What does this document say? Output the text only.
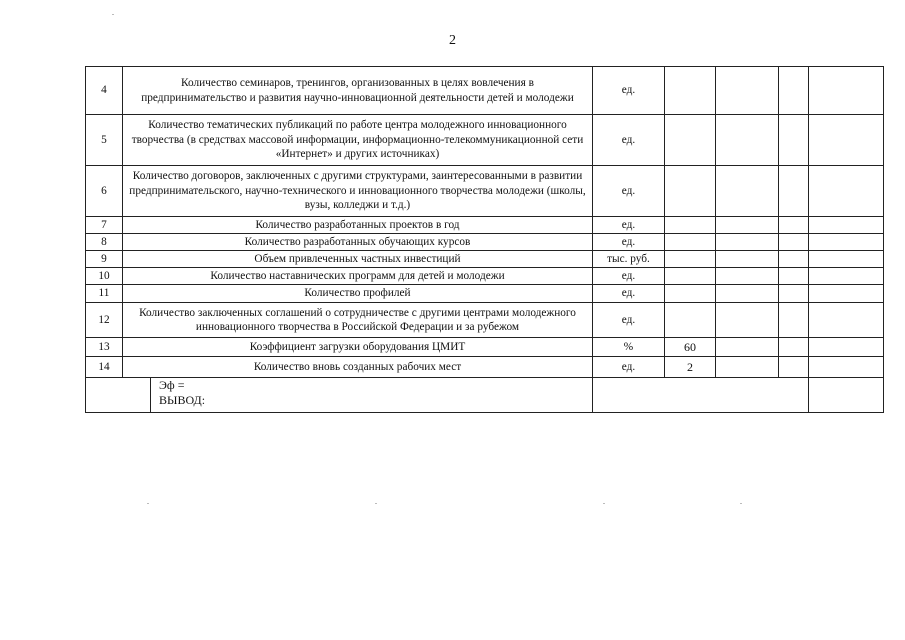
2
4	Количество семинаров, тренингов, организованных в целях вовлечения в предпринимательство и развития научно-инновационной деятельности детей и молодежи	ед.				
5	Количество тематических публикаций по работе центра молодежного инновационного творчества (в средствах массовой информации, информационно-телекоммуникационной сети «Интернет» и других источниках)	ед.				
6	Количество договоров, заключенных с другими структурами, заинтересованными в развитии предпринимательского, научно-технического и инновационного творчества молодежи (школы, вузы, колледжи и т.д.)	ед.				
7	Количество разработанных проектов в год	ед.				
8	Количество разработанных обучающих курсов	ед.				
9	Объем привлеченных частных инвестиций	тыс. руб.				
10	Количество наставнических программ для детей и молодежи	ед.				
11	Количество профилей	ед.				
12	Количество заключенных соглашений о сотрудничестве с другими центрами молодежного инновационного творчества в Российской Федерации и за рубежом	ед.				
13	Коэффициент загрузки оборудования ЦМИТ	%	60			
14	Количество вновь созданных рабочих мест	ед.	2			

Эф =
ВЫВОД:						
